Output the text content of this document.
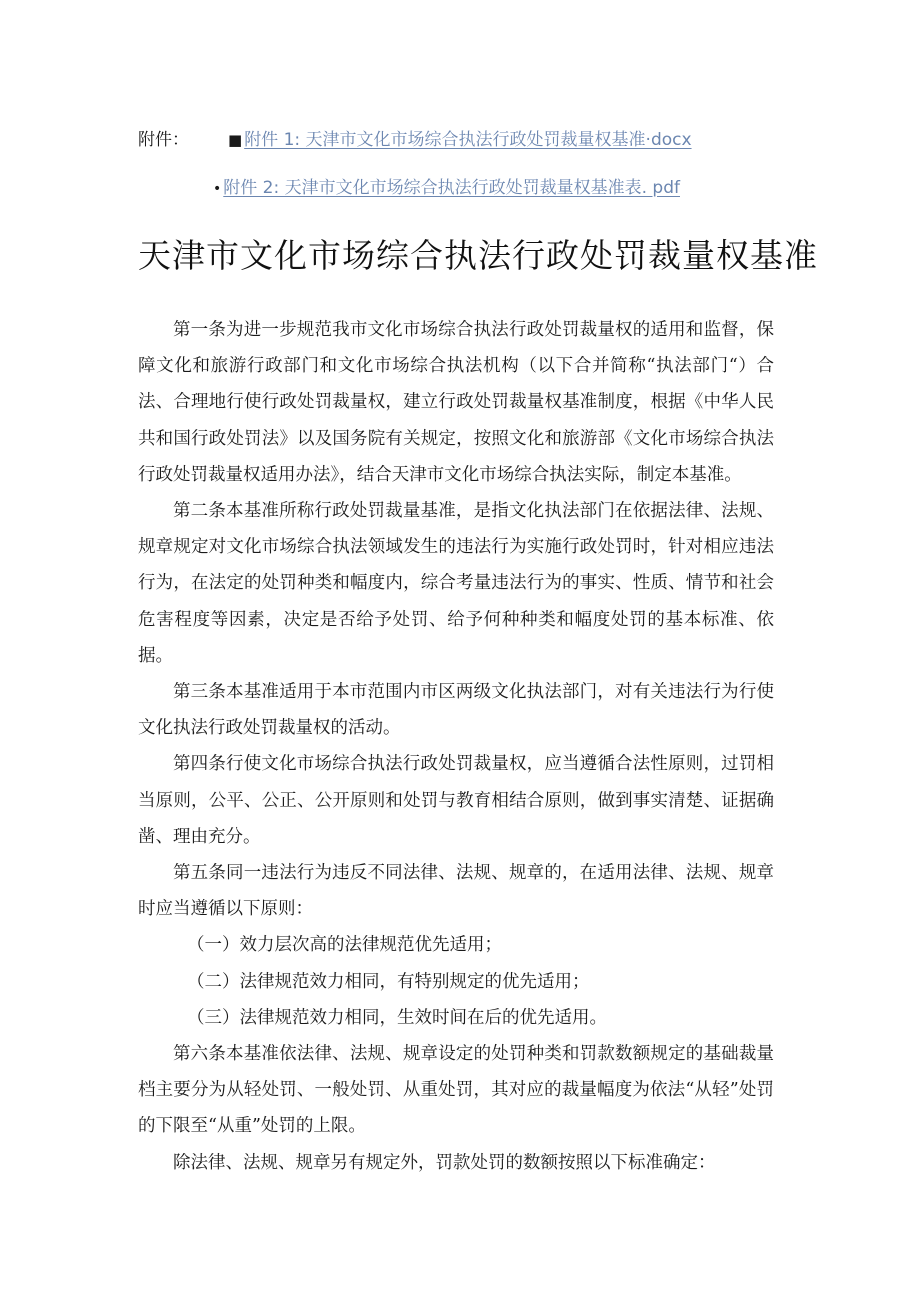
附件：	■ 附件 1: 天津市文化市场综合执法行政处罚裁量权基准·docx
• 附件 2: 天津市文化市场综合执法行政处罚裁量权基准表. pdf
天津市文化市场综合执法行政处罚裁量权基准

第一条为进一步规范我市文化市场综合执法行政处罚裁量权的适用和监督，保障文化和旅游行政部门和文化市场综合执法机构（以下合并简称“执法部门“）合法、合理地行使行政处罚裁量权，建立行政处罚裁量权基准制度，根据《中华人民共和国行政处罚法》以及国务院有关规定，按照文化和旅游部《文化市场综合执法行政处罚裁量权适用办法》，结合天津市文化市场综合执法实际，制定本基准。

第二条本基准所称行政处罚裁量基准，是指文化执法部门在依据法律、法规、规章规定对文化市场综合执法领域发生的违法行为实施行政处罚时，针对相应违法行为，在法定的处罚种类和幅度内，综合考量违法行为的事实、性质、情节和社会危害程度等因素，决定是否给予处罚、给予何种种类和幅度处罚的基本标准、依据。

第三条本基准适用于本市范围内市区两级文化执法部门，对有关违法行为行使文化执法行政处罚裁量权的活动。

第四条行使文化市场综合执法行政处罚裁量权，应当遵循合法性原则，过罚相当原则，公平、公正、公开原则和处罚与教育相结合原则，做到事实清楚、证据确凿、理由充分。

第五条同一违法行为违反不同法律、法规、规章的，在适用法律、法规、规章时应当遵循以下原则：

（一）效力层次高的法律规范优先适用；

（二）法律规范效力相同，有特别规定的优先适用；

（三）法律规范效力相同，生效时间在后的优先适用。

第六条本基准依法律、法规、规章设定的处罚种类和罚款数额规定的基础裁量档主要分为从轻处罚、一般处罚、从重处罚，其对应的裁量幅度为依法“从轻”处罚的下限至“从重”处罚的上限。

除法律、法规、规章另有规定外，罚款处罚的数额按照以下标准确定：
